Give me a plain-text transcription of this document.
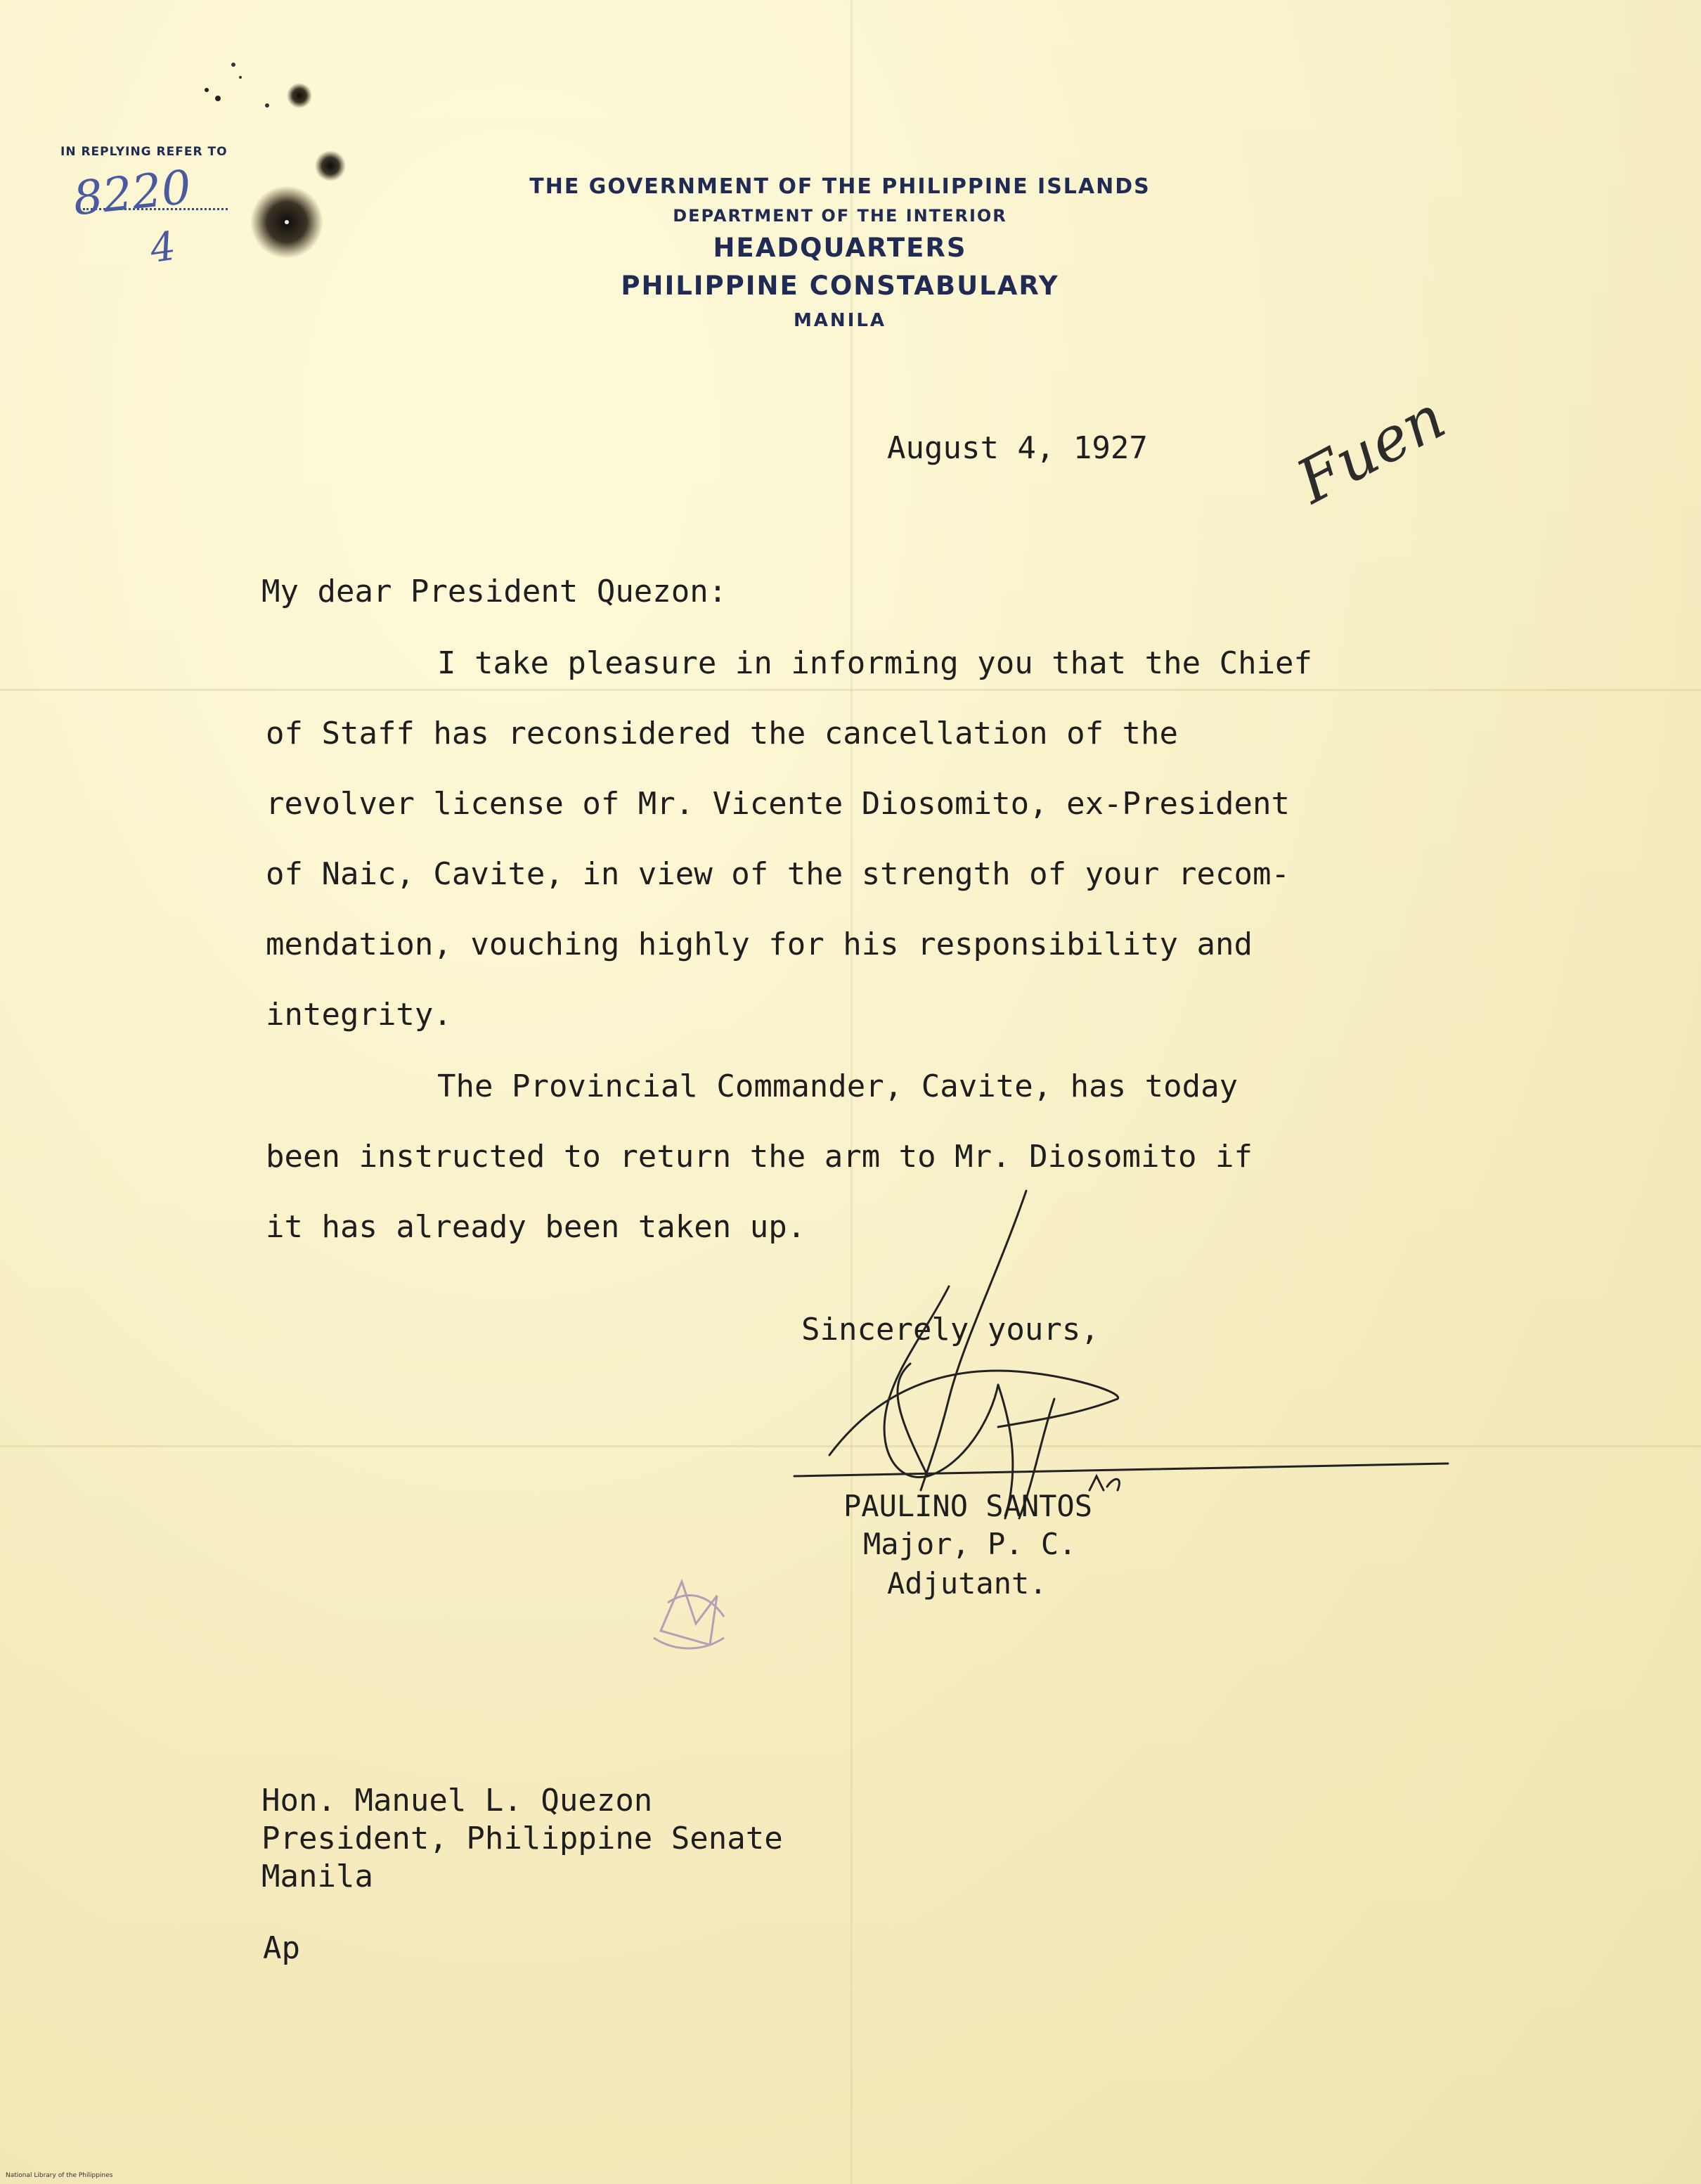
IN REPLYING REFER TO
8220
4
THE GOVERNMENT OF THE PHILIPPINE ISLANDS
DEPARTMENT OF THE INTERIOR
HEADQUARTERS
PHILIPPINE CONSTABULARY
MANILA
Fuen
August 4, 1927
My dear President Quezon:
I take pleasure in informing you that the Chief
of Staff has reconsidered the cancellation of the
revolver license of Mr. Vicente Diosomito, ex-President
of Naic, Cavite, in view of the strength of your recom-
mendation, vouching highly for his responsibility and
integrity.
The Provincial Commander, Cavite, has today
been instructed to return the arm to Mr. Diosomito if
it has already been taken up.
Sincerely yours,
PAULINO SANTOS
Major, P. C.
Adjutant.
Hon. Manuel L. Quezon
President, Philippine Senate
Manila
Ap
National Library of the Philippines
